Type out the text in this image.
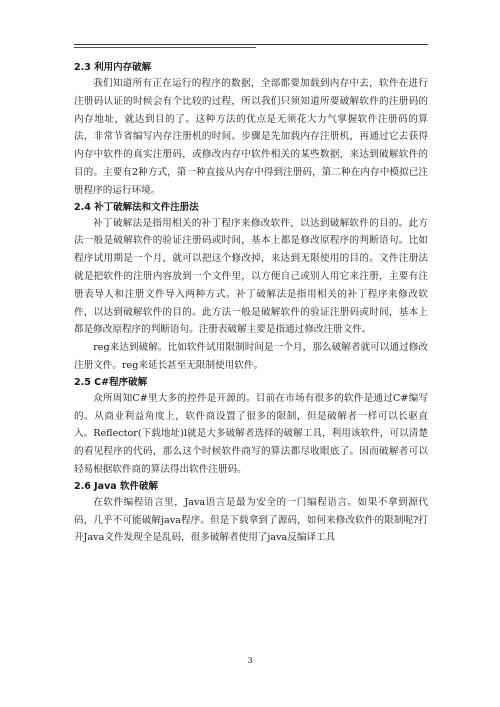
2.3 利用内存破解

我们知道所有正在运行的程序的数据，全部都要加载到内存中去，软件在进行注册码认证的时候会有个比较的过程，所以我们只须知道所要破解软件的注册码的内存地址，就达到目的了。这种方法的优点是无须花大力气掌握软件注册码的算法，非常节省编写内存注册机的时间。步骤是先加载内存注册机，再通过它去获得内存中软件的真实注册码，或修改内存中软件相关的某些数据，来达到破解软件的目的。主要有2种方式，第一种直接从内存中得到注册码，第二种在内存中模拟已注册程序的运行环境。

2.4 补丁破解法和文件注册法

补丁破解法是指用相关的补丁程序来修改软件，以达到破解软件的目的。此方法一般是破解软件的验证注册码或时间，基本上都是修改原程序的判断语句。比如程序试用期是一个月，就可以把这个修改掉，来达到无限使用的目的。文件注册法就是把软件的注册内容放到一个文件里，以方便自己或别人用它来注册，主要有注册表导人和注册文件导入两种方式。补丁破解法是指用相关的补丁程序来修改软件，以达到破解软件的目的。此方法一般是破解软件的验证注册码或时间，基本上都是修改原程序的判断语句。注册表破解主要是指通过修改注册文件。

reg来达到破解。比如软件试用限制时间是一个月，那么破解者就可以通过修改注册文件。reg来延长甚至无限制使用软件。

2.5 C#程序破解

众所周知C#里大多的控件是开源的。目前在市场有很多的软件是通过C#编写的。从商业利益角度上，软件商设置了很多的限制，但是破解者一样可以长驱直入。Reflector(下载地址)l就是大多破解者选择的破解工具，利用该软件，可以清楚的看见程序的代码，那么这个时候软件商写的算法都尽收眼底了。因而破解者可以轻易根据软件商的算法得出软件注册码。

2.6 Java 软件破解

在软件编程语言里，Java语言是最为安全的一门编程语言。如果不拿到源代码，几乎不可能破解java程序。但是下载拿到了源码，如何来修改软件的限制呢?打开Java文件发现全是乱码，很多破解者使用了java反编译工具

3
